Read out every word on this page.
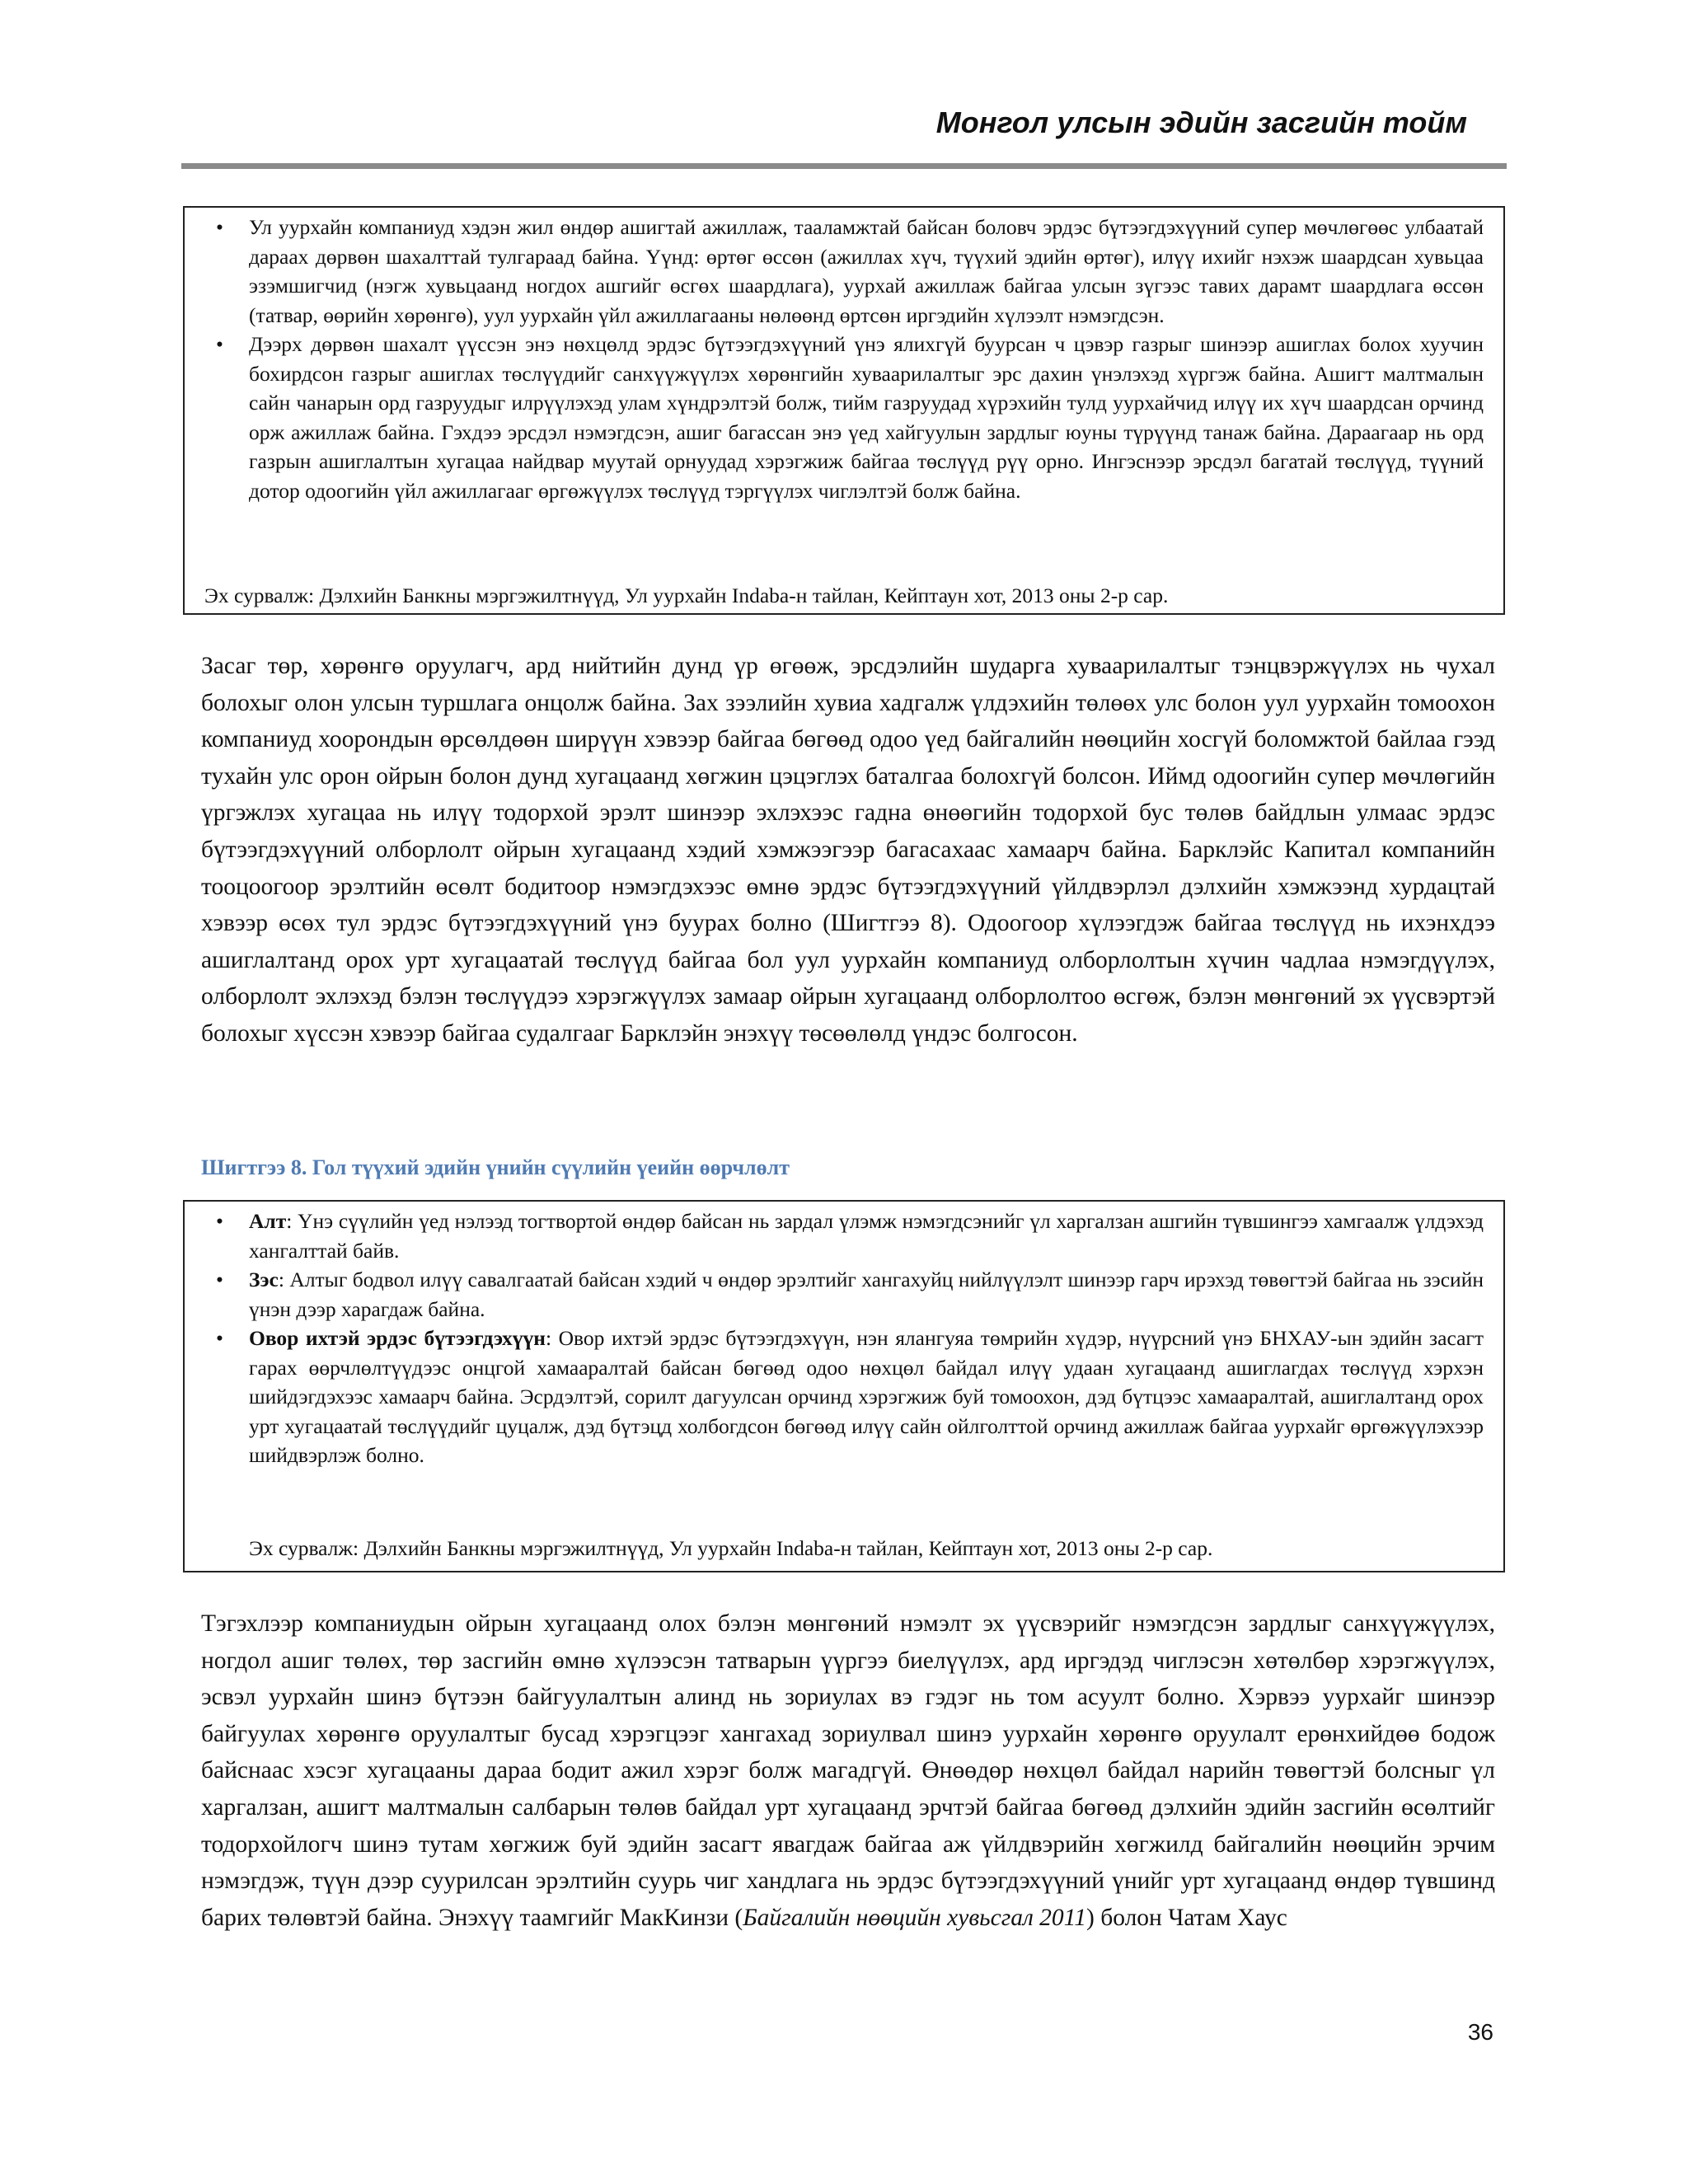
Монгол улсын эдийн засгийн тойм
• Ул уурхайн компаниуд хэдэн жил өндөр ашигтай ажиллаж, тааламжтай байсан боловч эрдэс бүтээгдэхүүний супер мөчлөгөөс улбаатай дараах дөрвөн шахалттай тулгараад байна. Үүнд: өртөг өссөн (ажиллах хүч, түүхий эдийн өртөг), илүү ихийг нэхэж шаардсан хувьцаа эзэмшигчид (нэгж хувьцаанд ногдох ашгийг өсгөх шаардлага), уурхай ажиллаж байгаа улсын зүгээс тавих дарамт шаардлага өссөн (татвар, өөрийн хөрөнгө), уул уурхайн үйл ажиллагааны нөлөөнд өртсөн иргэдийн хүлээлт нэмэгдсэн.
• Дээрх дөрвөн шахалт үүссэн энэ нөхцөлд эрдэс бүтээгдэхүүний үнэ ялихгүй буурсан ч цэвэр газрыг шинээр ашиглах болох хуучин бохирдсон газрыг ашиглах төслүүдийг санхүүжүүлэх хөрөнгийн хуваарилалтыг эрс дахин үнэлэхэд хүргэж байна. Ашигт малтмалын сайн чанарын орд газруудыг илрүүлэхэд улам хүндрэлтэй болж, тийм газруудад хүрэхийн тулд уурхайчид илүү их хүч шаардсан орчинд орж ажиллаж байна. Гэхдээ эрсдэл нэмэгдсэн, ашиг багассан энэ үед хайгуулын зардлыг юуны түрүүнд танаж байна. Дараагаар нь орд газрын ашиглалтын хугацаа найдвар муутай орнуудад хэрэгжиж байгаа төслүүд рүү орно. Ингэснээр эрсдэл багатай төслүүд, түүний дотор одоогийн үйл ажиллагааг өргөжүүлэх төслүүд тэргүүлэх чиглэлтэй болж байна.

Эх сурвалж: Дэлхийн Банкны мэргэжилтнүүд, Ул уурхайн Indaba-н тайлан, Кейптаун хот, 2013 оны 2-р сар.

Засаг төр, хөрөнгө оруулагч, ард нийтийн дунд үр өгөөж, эрсдэлийн шударга хуваарилалтыг тэнцвэржүүлэх нь чухал болохыг олон улсын туршлага онцолж байна. Зах зээлийн хувиа хадгалж үлдэхийн төлөөх улс болон уул уурхайн томоохон компаниуд хоорондын өрсөлдөөн ширүүн хэвээр байгаа бөгөөд одоо үед байгалийн нөөцийн хосгүй боломжтой байлаа гээд тухайн улс орон ойрын болон дунд хугацаанд хөгжин цэцэглэх баталгаа болохгүй болсон. Иймд одоогийн супер мөчлөгийн үргэжлэх хугацаа нь илүү тодорхой эрэлт шинээр эхлэхээс гадна өнөөгийн тодорхой бус төлөв байдлын улмаас эрдэс бүтээгдэхүүний олборлолт ойрын хугацаанд хэдий хэмжээгээр багасахаас хамаарч байна. Барклэйс Капитал компанийн тооцоогоор эрэлтийн өсөлт бодитоор нэмэгдэхээс өмнө эрдэс бүтээгдэхүүний үйлдвэрлэл дэлхийн хэмжээнд хурдацтай хэвээр өсөх тул эрдэс бүтээгдэхүүний үнэ буурах болно (Шигтгээ 8). Одоогоор хүлээгдэж байгаа төслүүд нь ихэнхдээ ашиглалтанд орох урт хугацаатай төслүүд байгаа бол уул уурхайн компаниуд олборлолтын хүчин чадлаа нэмэгдүүлэх, олборлолт эхлэхэд бэлэн төслүүдээ хэрэгжүүлэх замаар ойрын хугацаанд олборлолтоо өсгөж, бэлэн мөнгөний эх үүсвэртэй болохыг хүссэн хэвээр байгаа судалгааг Барклэйн энэхүү төсөөлөлд үндэс болгосон.

Шигтгээ 8. Гол түүхий эдийн үнийн сүүлийн үеийн өөрчлөлт

• Алт: Үнэ сүүлийн үед нэлээд тогтвортой өндөр байсан нь зардал үлэмж нэмэгдсэнийг үл харгалзан ашгийн түвшингээ хамгаалж үлдэхэд хангалттай байв.
• Зэс: Алтыг бодвол илүү савалгаатай байсан хэдий ч өндөр эрэлтийг хангахуйц нийлүүлэлт шинээр гарч ирэхэд төвөгтэй байгаа нь зэсийн үнэн дээр харагдаж байна.
• Овор ихтэй эрдэс бүтээгдэхүүн: Овор ихтэй эрдэс бүтээгдэхүүн, нэн ялангуяа төмрийн хүдэр, нүүрсний үнэ БНХАУ-ын эдийн засагт гарах өөрчлөлтүүдээс онцгой хамааралтай байсан бөгөөд одоо нөхцөл байдал илүү удаан хугацаанд ашиглагдах төслүүд хэрхэн шийдэгдэхээс хамаарч байна. Эсрдэлтэй, сорилт дагуулсан орчинд хэрэгжиж буй томоохон, дэд бүтцээс хамааралтай, ашиглалтанд орох урт хугацаатай төслүүдийг цуцалж, дэд бүтэцд холбогдсон бөгөөд илүү сайн ойлголттой орчинд ажиллаж байгаа уурхайг өргөжүүлэхээр шийдвэрлэж болно.

Эх сурвалж: Дэлхийн Банкны мэргэжилтнүүд, Ул уурхайн Indaba-н тайлан, Кейптаун хот, 2013 оны 2-р сар.

Тэгэхлээр компаниудын ойрын хугацаанд олох бэлэн мөнгөний нэмэлт эх үүсвэрийг нэмэгдсэн зардлыг санхүүжүүлэх, ногдол ашиг төлөх, төр засгийн өмнө хүлээсэн татварын үүргээ биелүүлэх, ард иргэдэд чиглэсэн хөтөлбөр хэрэгжүүлэх, эсвэл уурхайн шинэ бүтээн байгуулалтын алинд нь зориулах вэ гэдэг нь том асуулт болно. Хэрвээ уурхайг шинээр байгуулах хөрөнгө оруулалтыг бусад хэрэгцээг хангахад зориулвал шинэ уурхайн хөрөнгө оруулалт ерөнхийдөө бодож байснаас хэсэг хугацааны дараа бодит ажил хэрэг болж магадгүй. Өнөөдөр нөхцөл байдал нарийн төвөгтэй болсныг үл харгалзан, ашигт малтмалын салбарын төлөв байдал урт хугацаанд эрчтэй байгаа бөгөөд дэлхийн эдийн засгийн өсөлтийг тодорхойлогч шинэ тутам хөгжиж буй эдийн засагт явагдаж байгаа аж үйлдвэрийн хөгжилд байгалийн нөөцийн эрчим нэмэгдэж, түүн дээр суурилсан эрэлтийн суурь чиг хандлага нь эрдэс бүтээгдэхүүний үнийг урт хугацаанд өндөр түвшинд барих төлөвтэй байна. Энэхүү таамгийг МакКинзи (Байгалийн нөөцийн хувьсгал 2011) болон Чатам Хаус

36
